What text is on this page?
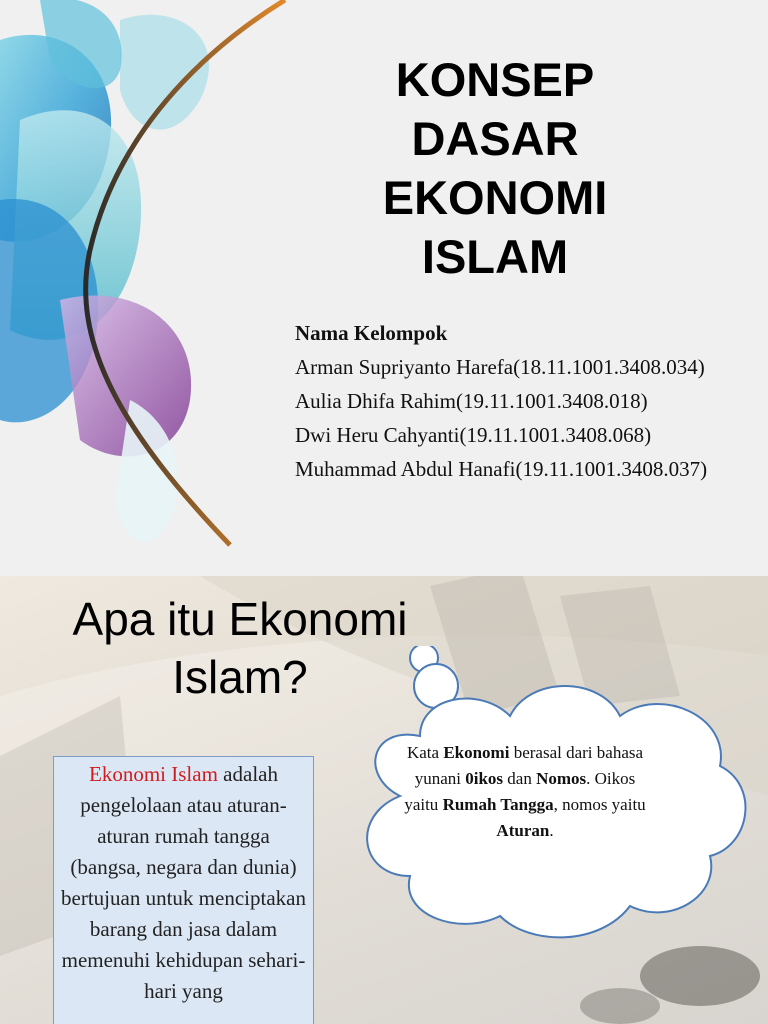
KONSEP
DASAR
EKONOMI
ISLAM
Nama Kelompok
Arman Supriyanto Harefa(18.11.1001.3408.034)
Aulia Dhifa Rahim(19.11.1001.3408.018)
Dwi Heru Cahyanti(19.11.1001.3408.068)
Muhammad Abdul Hanafi(19.11.1001.3408.037)
Apa itu Ekonomi
Islam?
Ekonomi Islam adalah pengelolaan atau aturan-aturan rumah tangga (bangsa, negara dan dunia) bertujuan untuk menciptakan barang dan jasa dalam memenuhi kehidupan sehari-hari yang
Kata Ekonomi berasal dari bahasa yunani 0ikos dan Nomos. Oikos yaitu Rumah Tangga, nomos yaitu Aturan.
